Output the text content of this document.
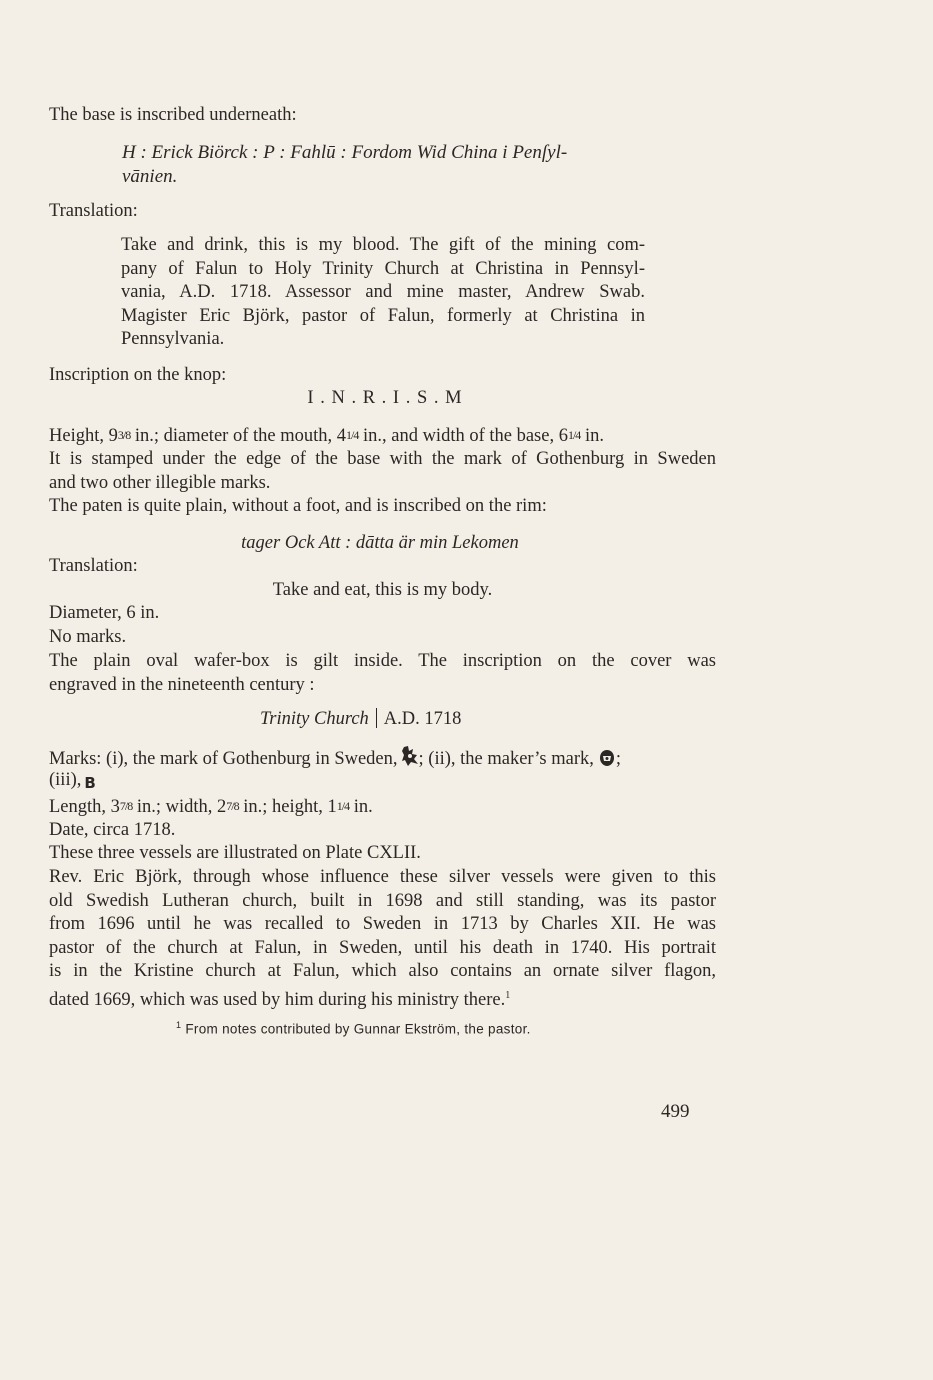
The base is inscribed underneath:
H : Erick Biörck : P : Fahlū : Fordom Wid China i Penſyl-
vānien.
Translation:
Take and drink, this is my blood. The gift of the mining com-
pany of Falun to Holy Trinity Church at Christina in Pennsyl-
vania, A.D. 1718. Assessor and mine master, Andrew Swab.
Magister Eric Björk, pastor of Falun, formerly at Christina in
Pennsylvania.
Inscription on the knop:
I . N . R . I . S . M
Height, 93/8 in.; diameter of the mouth, 41/4 in., and width of the base, 61/4 in.
It is stamped under the edge of the base with the mark of Gothenburg in Sweden
and two other illegible marks.
The paten is quite plain, without a foot, and is inscribed on the rim:
tager Ock Att : dātta är min Lekomen
Translation:
Take and eat, this is my body.
Diameter, 6 in.
No marks.
The plain oval wafer-box is gilt inside. The inscription on the cover was
engraved in the nineteenth century :
Trinity Church A.D. 1718
Marks: (i), the mark of Gothenburg in Sweden, ; (ii), the maker’s mark, ;
(iii), B
Length, 37/8 in.; width, 27/8 in.; height, 11/4 in.
Date, circa 1718.
These three vessels are illustrated on Plate CXLII.
Rev. Eric Björk, through whose influence these silver vessels were given to this
old Swedish Lutheran church, built in 1698 and still standing, was its pastor
from 1696 until he was recalled to Sweden in 1713 by Charles XII. He was
pastor of the church at Falun, in Sweden, until his death in 1740. His portrait
is in the Kristine church at Falun, which also contains an ornate silver flagon,
dated 1669, which was used by him during his ministry there.$^1$
$^1$ From notes contributed by Gunnar Ekström, the pastor.
499
